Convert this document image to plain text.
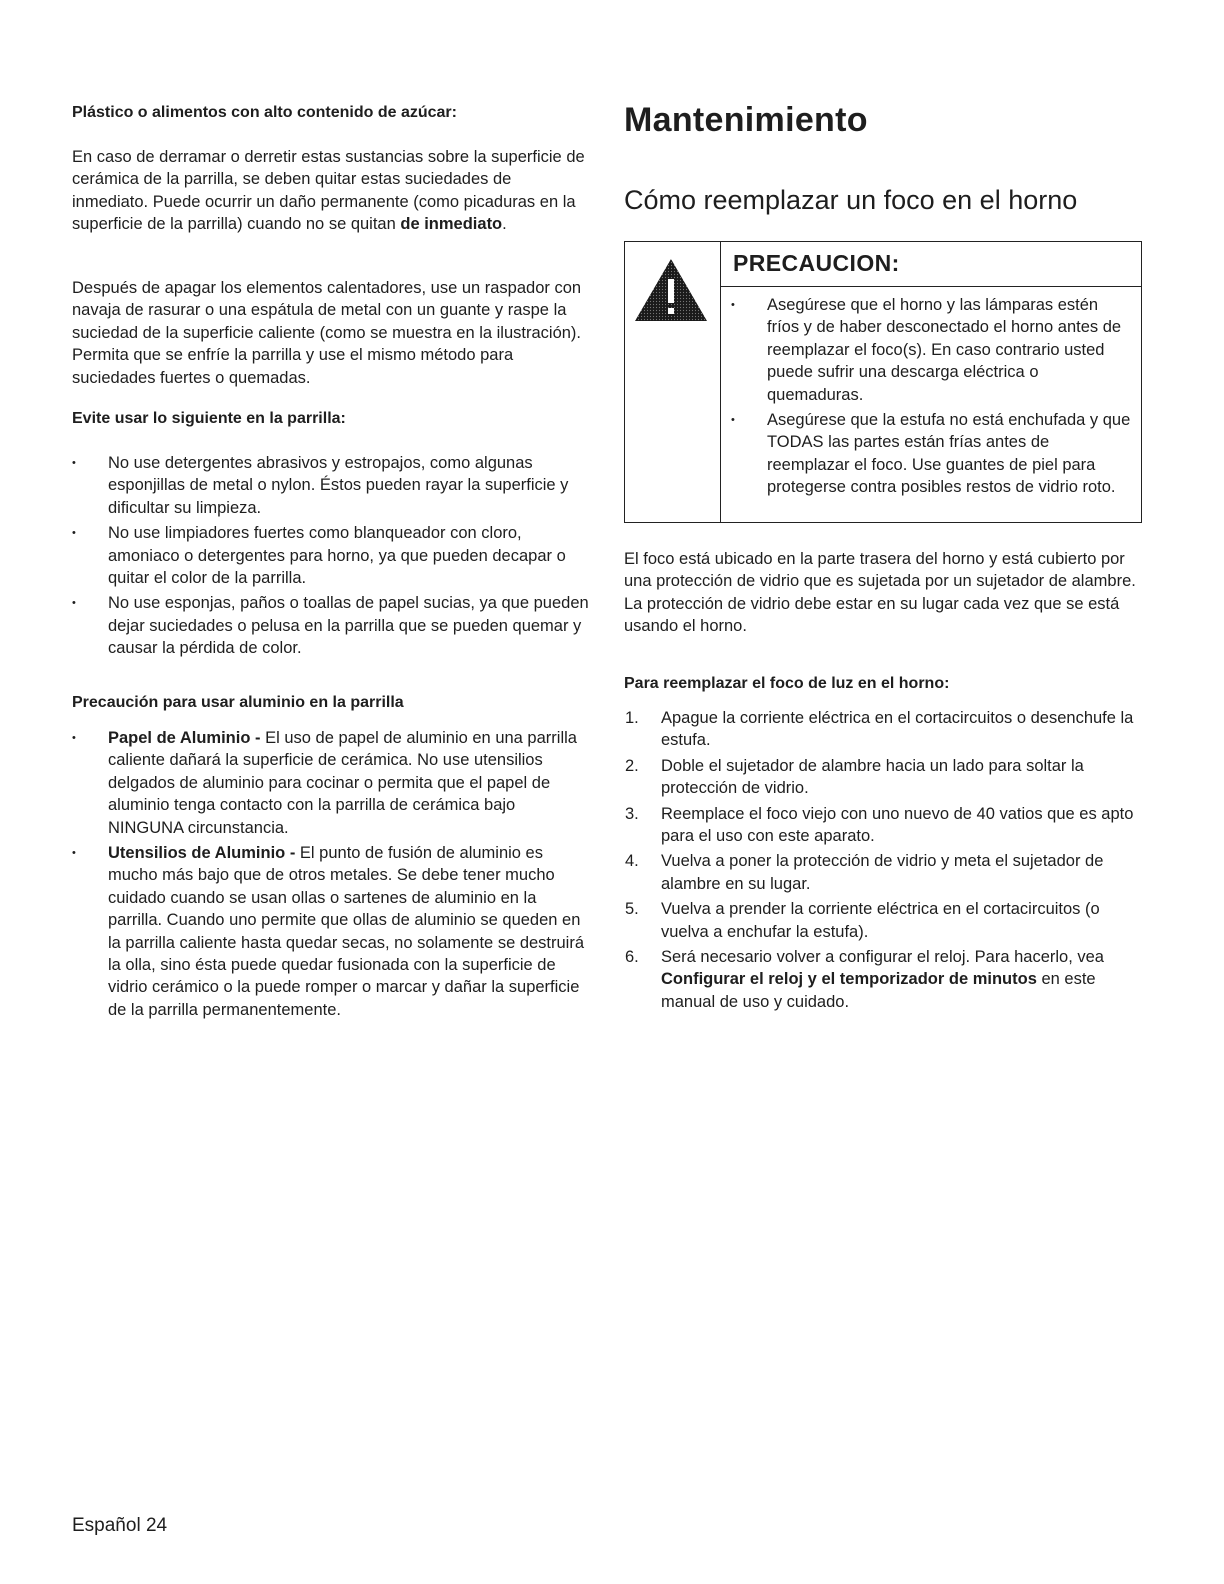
Plástico o alimentos con alto contenido de azúcar:

En caso de derramar o derretir estas sustancias sobre la superficie de cerámica de la parrilla, se deben quitar estas suciedades de inmediato. Puede ocurrir un daño permanente (como picaduras en la superficie de la parrilla) cuando no se quitan de inmediato.

Después de apagar los elementos calentadores, use un raspador con navaja de rasurar o una espátula de metal con un guante y raspe la suciedad de la superficie caliente (como se muestra en la ilustración). Permita que se enfríe la parrilla y use el mismo método para suciedades fuertes o quemadas.

Evite usar lo siguiente en la parrilla:
• No use detergentes abrasivos y estropajos, como algunas esponjillas de metal o nylon. Éstos pueden rayar la superficie y dificultar su limpieza.
• No use limpiadores fuertes como blanqueador con cloro, amoniaco o detergentes para horno, ya que pueden decapar o quitar el color de la parrilla.
• No use esponjas, paños o toallas de papel sucias, ya que pueden dejar suciedades o pelusa en la parrilla que se pueden quemar y causar la pérdida de color.
Precaución para usar aluminio en la parrilla
• Papel de Aluminio - El uso de papel de aluminio en una parrilla caliente dañará la superficie de cerámica. No use utensilios delgados de aluminio para cocinar o permita que el papel de aluminio tenga contacto con la parrilla de cerámica bajo NINGUNA circunstancia.
• Utensilios de Aluminio - El punto de fusión de aluminio es mucho más bajo que de otros metales. Se debe tener mucho cuidado cuando se usan ollas o sartenes de aluminio en la parrilla. Cuando uno permite que ollas de aluminio se queden en la parrilla caliente hasta quedar secas, no solamente se destruirá la olla, sino ésta puede quedar fusionada con la superficie de vidrio cerámico o la puede romper o marcar y dañar la superficie de la parrilla permanentemente.
Mantenimiento
Cómo reemplazar un foco en el horno
PRECAUCION:
• Asegúrese que el horno y las lámparas estén fríos y de haber desconectado el horno antes de reemplazar el foco(s). En caso contrario usted puede sufrir una descarga eléctrica o quemaduras.
• Asegúrese que la estufa no está enchufada y que TODAS las partes están frías antes de reemplazar el foco. Use guantes de piel para protegerse contra posibles restos de vidrio roto.

El foco está ubicado en la parte trasera del horno y está cubierto por una protección de vidrio que es sujetada por un sujetador de alambre. La protección de vidrio debe estar en su lugar cada vez que se está usando el horno.

Para reemplazar el foco de luz en el horno:
1. Apague la corriente eléctrica en el cortacircuitos o desenchufe la estufa.
2. Doble el sujetador de alambre hacia un lado para soltar la protección de vidrio.
3. Reemplace el foco viejo con uno nuevo de 40 vatios que es apto para el uso con este aparato.
4. Vuelva a poner la protección de vidrio y meta el sujetador de alambre en su lugar.
5. Vuelva a prender la corriente eléctrica en el cortacircuitos (o vuelva a enchufar la estufa).
6. Será necesario volver a configurar el reloj. Para hacerlo, vea Configurar el reloj y el temporizador de minutos en este manual de uso y cuidado.
Español 24
